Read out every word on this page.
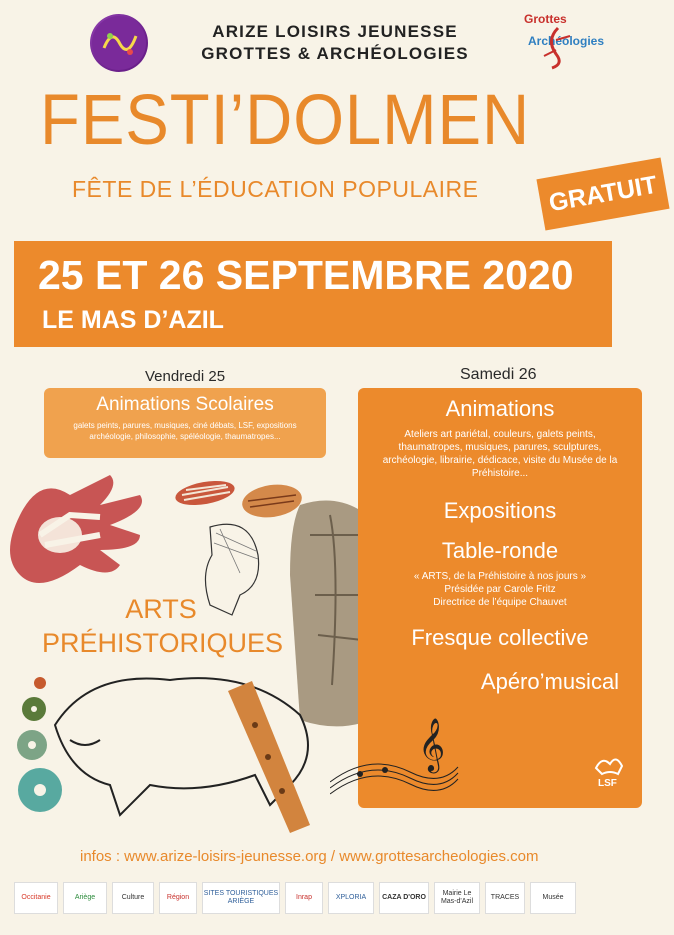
ARIZE LOISIRS JEUNESSE
GROTTES & ARCHÉOLOGIES
Grottes
Archéologies
FESTI’DOLMEN
FÊTE DE L’ÉDUCATION POPULAIRE	GRATUIT
25 ET 26 SEPTEMBRE 2020
LE MAS D’AZIL
Vendredi 25	Samedi 26
Animations Scolaires
galets peints, parures, musiques, ciné débats, LSF, expositions archéologie, philosophie, spéléologie, thaumatropes...
ARTS
PRÉHISTORIQUES
Animations
Ateliers art pariétal, couleurs, galets peints, thaumatropes, musiques, parures, sculptures, archéologie, librairie, dédicace, visite du Musée de la Préhistoire...
Expositions
Table-ronde
« ARTS, de la Préhistoire à nos jours »
Présidée par Carole Fritz
Directrice de l’équipe Chauvet
Fresque collective
Apéro’musical
𝄞
LSF
infos : www.arize-loisirs-jeunesse.org / www.grottesarcheologies.com
Occitanie	Ariège	Culture	Région
SITES TOURISTIQUES ARIÈGE
Inrap	XPLORIA	CAZA D'ORO
Mairie Le Mas-d'Azil
TRACES	Musée
